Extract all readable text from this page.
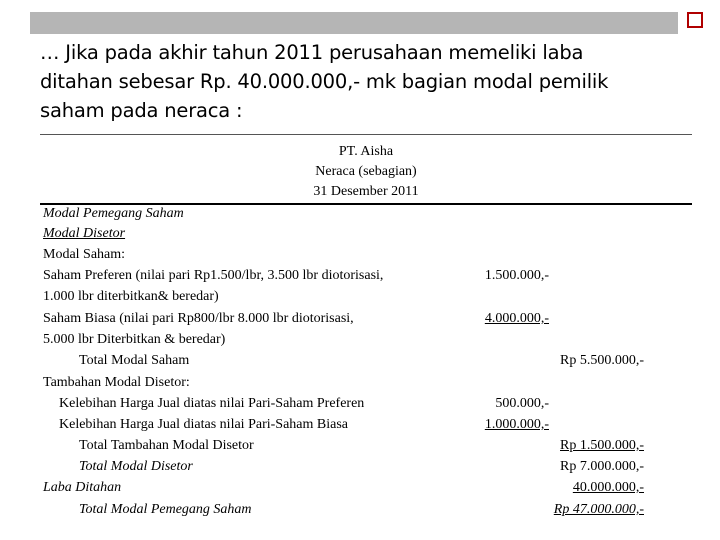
… Jika pada akhir tahun 2011 perusahaan memeliki laba
ditahan sebesar Rp. 40.000.000,- mk bagian modal pemilik
saham pada neraca :
PT. Aisha
Neraca (sebagian)
31 Desember 2011
Modal Pemegang Saham
Modal Disetor
Modal Saham:
Saham Preferen (nilai pari Rp1.500/lbr, 3.500 lbr diotorisasi,	1.500.000,-
1.000 lbr diterbitkan& beredar)
Saham Biasa (nilai pari Rp800/lbr 8.000 lbr diotorisasi,	4.000.000,-
5.000 lbr Diterbitkan & beredar)
Total Modal Saham	Rp 5.500.000,-
Tambahan Modal Disetor:
Kelebihan Harga Jual diatas nilai Pari-Saham Preferen	500.000,-
Kelebihan Harga Jual diatas nilai Pari-Saham Biasa	1.000.000,-
Total Tambahan Modal Disetor	Rp 1.500.000,-
Total Modal Disetor	Rp 7.000.000,-
Laba Ditahan	40.000.000,-
Total Modal Pemegang Saham	Rp 47.000.000,-
